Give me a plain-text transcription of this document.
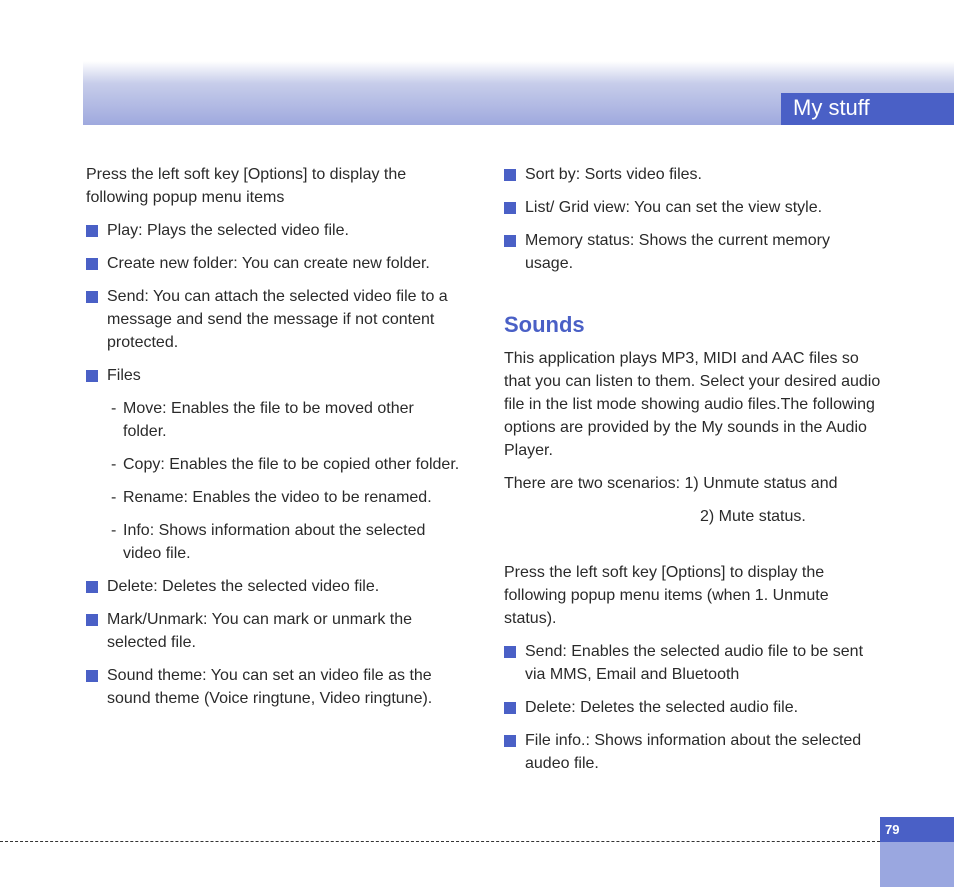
My stuff

Press the left soft key [Options] to display the following popup menu items

Play: Plays the selected video file.
Create new folder: You can create new folder.
Send: You can attach the selected video file to a message and send the message if not content protected.
Files
- Move: Enables the file to be moved other folder.
- Copy: Enables the file to be copied other folder.
- Rename: Enables the video to be renamed.
- Info: Shows information about the selected video file.
Delete: Deletes the selected video file.
Mark/Unmark: You can mark or unmark the selected file.
Sound theme: You can set an video file as the sound theme (Voice ringtune, Video ringtune).
Sort by: Sorts video files.
List/ Grid view: You can set the view style.
Memory status: Shows the current memory usage.
Sounds

This application plays MP3, MIDI and AAC files so that you can listen to them. Select your desired audio file in the list mode showing audio files.The following options are provided by the My sounds in the Audio Player.

There are two scenarios: 1) Unmute status and

2) Mute status.

Press the left soft key [Options] to display the following popup menu items (when 1. Unmute status).

Send: Enables the selected audio file to be sent via MMS, Email and Bluetooth
Delete: Deletes the selected audio file.
File info.: Shows information about the selected audeo file.
79
